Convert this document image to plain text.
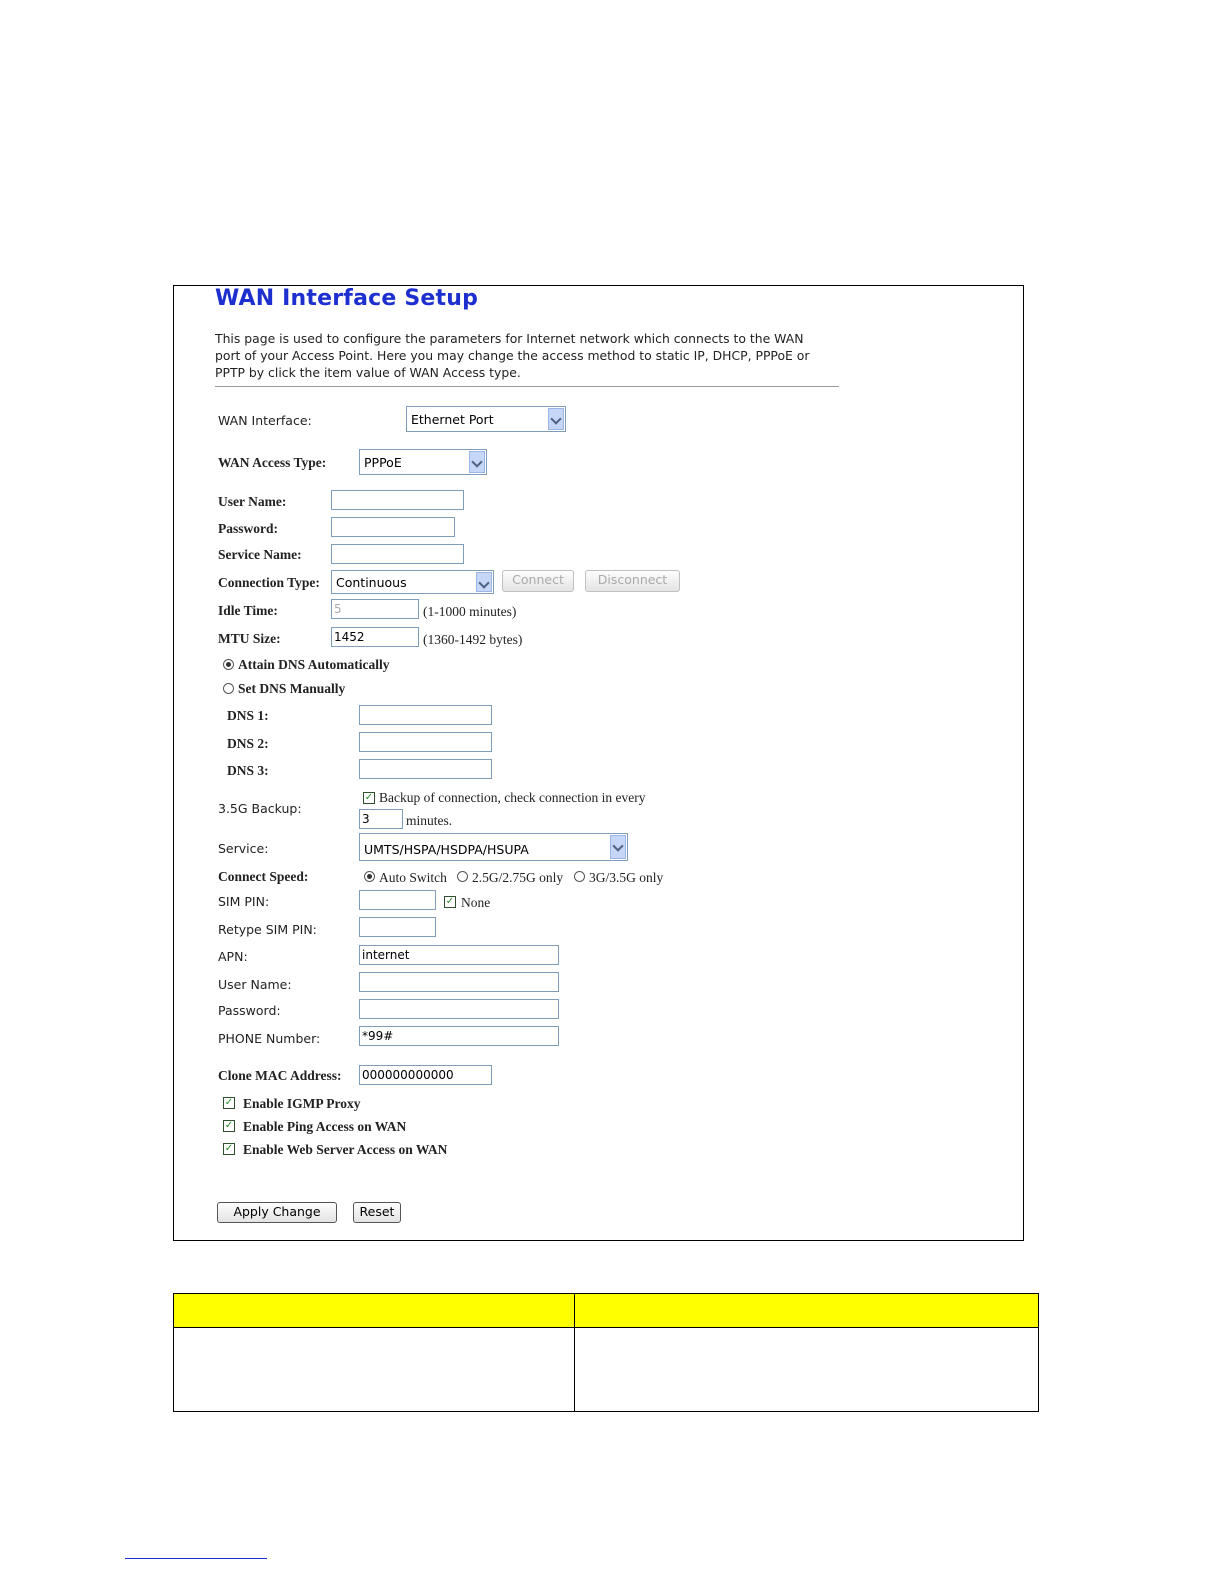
WAN Interface Setup
This page is used to configure the parameters for Internet network which connects to the WAN port of your Access Point. Here you may change the access method to static IP, DHCP, PPPoE or PPTP by click the item value of WAN Access type.
WAN Interface:	Ethernet Port
WAN Access Type:	PPPoE
User Name:
Password:
Service Name:
Connection Type: Continuous	Connect	Disconnect
Idle Time:	5	(1-1000 minutes)
MTU Size:	1452	(1360-1492 bytes)
Attain DNS Automatically
Set DNS Manually
DNS 1:
DNS 2:
DNS 3:
3.5G Backup:
✓ Backup of connection, check connection in every
3	minutes.
Service:	UMTS/HSPA/HSDPA/HSUPA
Connect Speed:	Auto Switch 2.5G/2.75G only 3G/3.5G only
SIM PIN:	✓ None
Retype SIM PIN:
APN:	internet
User Name:
Password:
PHONE Number:	*99#
Clone MAC Address: 000000000000
✓ Enable IGMP Proxy
✓ Enable Ping Access on WAN
✓ Enable Web Server Access on WAN
Apply Change	Reset
